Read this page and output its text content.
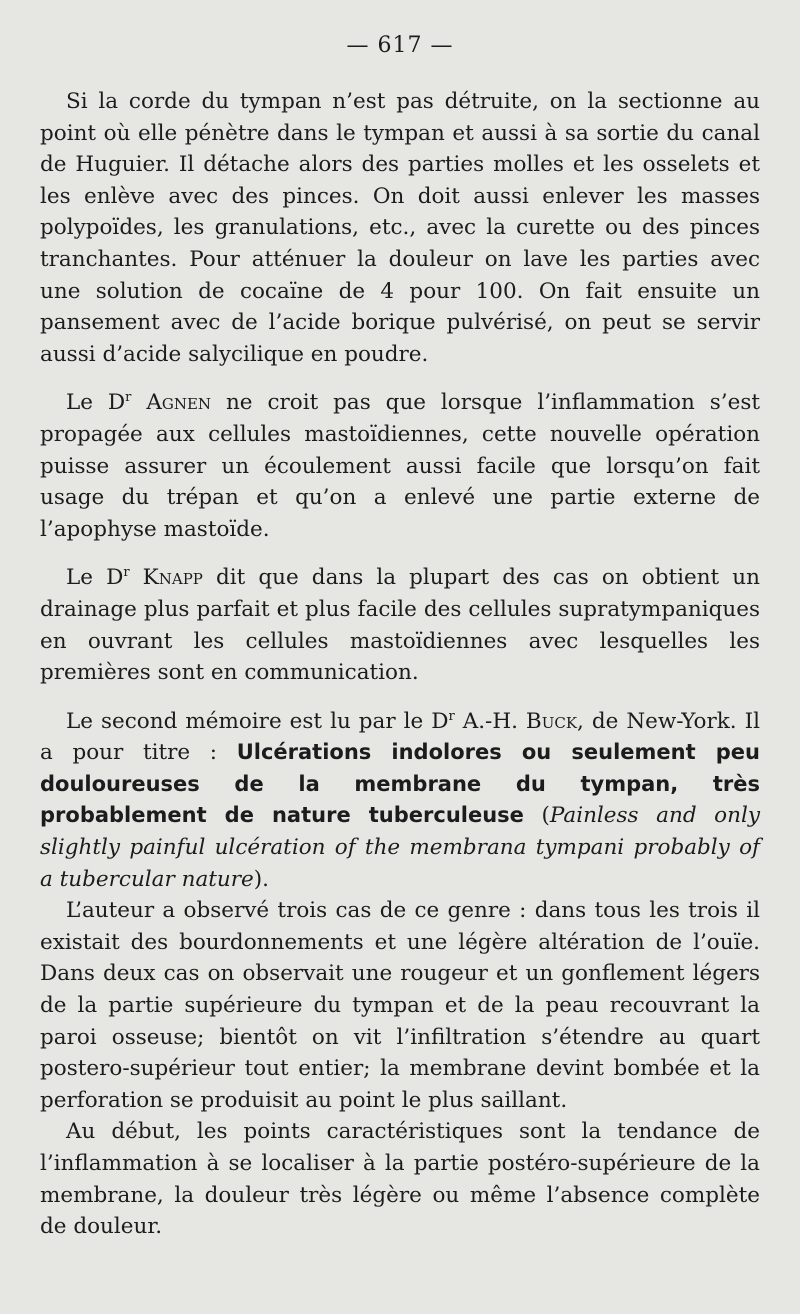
— 617 —

Si la corde du tympan n’est pas détruite, on la sectionne au point où elle pénètre dans le tympan et aussi à sa sortie du canal de Huguier. Il détache alors des parties molles et les osselets et les enlève avec des pinces. On doit aussi enlever les masses polypoïdes, les granulations, etc., avec la curette ou des pinces tranchantes. Pour atténuer la douleur on lave les parties avec une solution de cocaïne de 4 pour 100. On fait ensuite un pansement avec de l’acide borique pulvérisé, on peut se servir aussi d’acide salycilique en poudre.

Le $D^r$ Agnen ne croit pas que lorsque l’inflammation s’est propagée aux cellules mastoïdiennes, cette nouvelle opération puisse assurer un écoulement aussi facile que lorsqu’on fait usage du trépan et qu’on a enlevé une partie externe de l’apophyse mastoïde.

Le $D^r$ Knapp dit que dans la plupart des cas on obtient un drainage plus parfait et plus facile des cellules supratympaniques en ouvrant les cellules mastoïdiennes avec lesquelles les premières sont en communication.

Le second mémoire est lu par le $D^r$ A.-H. Buck, de New-York. Il a pour titre : Ulcérations indolores ou seulement peu douloureuses de la membrane du tympan, très probablement de nature tuberculeuse (Painless and only slightly painful ulcération of the membrana tympani probably of a tubercular nature).

L’auteur a observé trois cas de ce genre : dans tous les trois il existait des bourdonnements et une légère altération de l’ouïe. Dans deux cas on observait une rougeur et un gonflement légers de la partie supérieure du tympan et de la peau recouvrant la paroi osseuse; bientôt on vit l’infiltration s’étendre au quart postero-supérieur tout entier; la membrane devint bombée et la perforation se produisit au point le plus saillant.

Au début, les points caractéristiques sont la tendance de l’inflammation à se localiser à la partie postéro-supérieure de la membrane, la douleur très légère ou même l’absence complète de douleur.
